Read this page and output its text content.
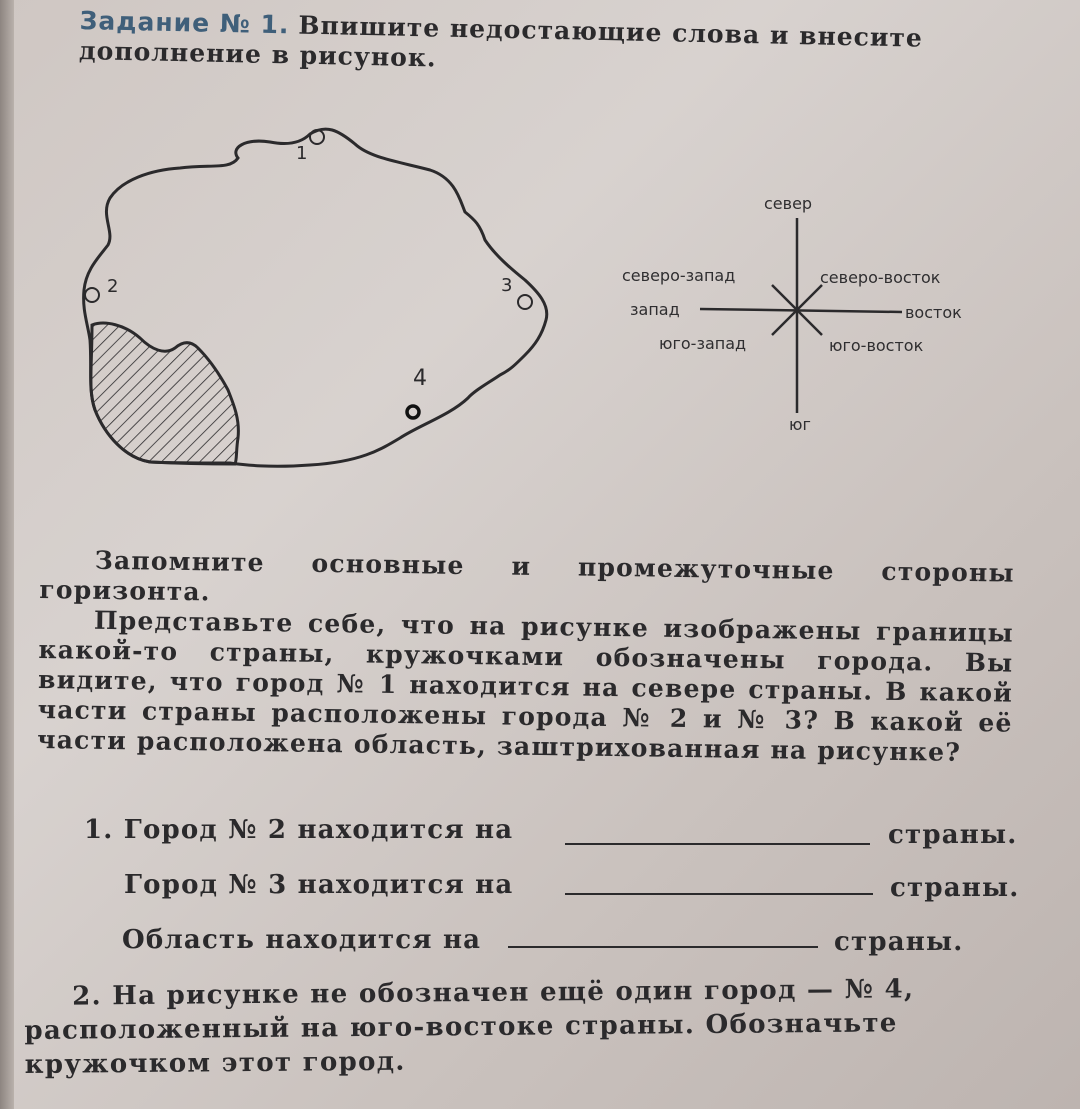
Задание № 1. Впишите недостающие слова и внесите дополнение в рисунок.
1
2	3
4
север
юг
запад	восток
северо-запад	северо-восток
юго-запад	юго-восток

Запомните основные и промежуточные стороны горизонта.

Представьте себе, что на рисунке изображены границы какой-то страны, кружочками обозначены города. Вы видите, что город № 1 находится на севере страны. В какой части страны расположены города № 2 и № 3? В какой её части расположена область, заштрихованная на рисунке?

1. Город № 2 находится на	страны.
Город № 3 находится на	страны.
Область находится на	страны.

2. На рисунке не обозначен ещё один город — № 4, расположенный на юго-востоке страны. Обозначьте кружочком этот город.
